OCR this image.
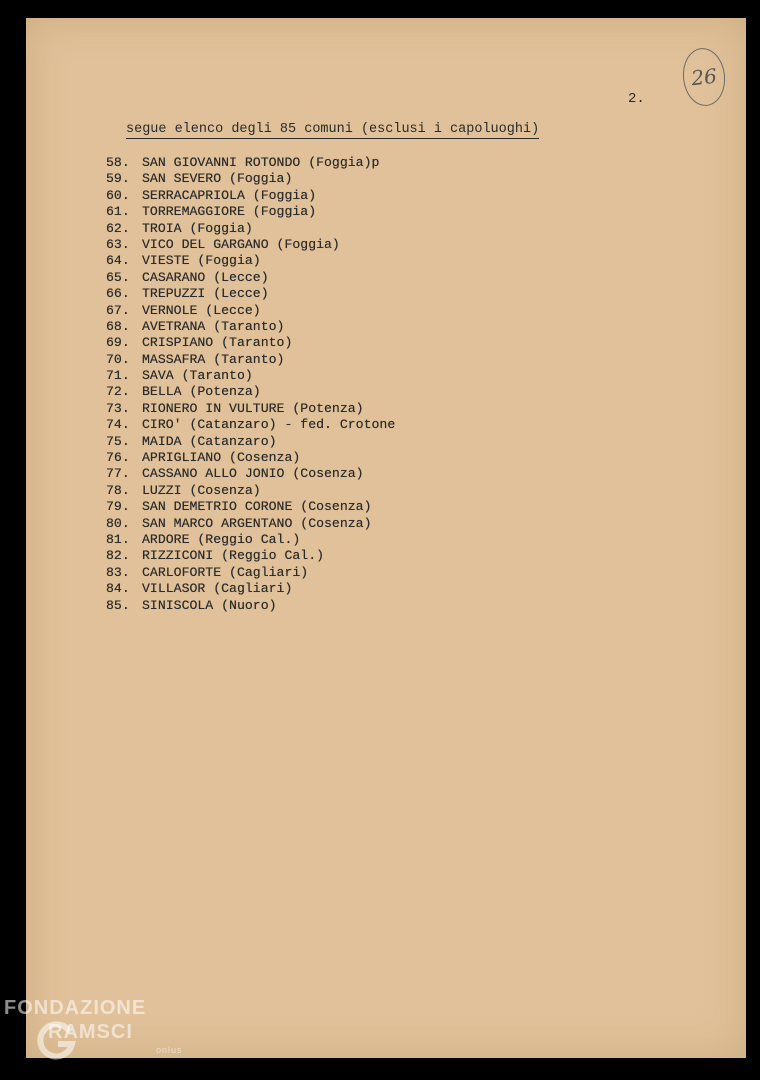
26
2.
segue elenco degli 85 comuni (esclusi i capoluoghi)
58. SAN GIOVANNI ROTONDO (Foggia)p
59. SAN SEVERO (Foggia)
60. SERRACAPRIOLA (Foggia)
61. TORREMAGGIORE (Foggia)
62. TROIA (Foggia)
63. VICO DEL GARGANO (Foggia)
64. VIESTE (Foggia)
65. CASARANO (Lecce)
66. TREPUZZI (Lecce)
67. VERNOLE (Lecce)
68. AVETRANA (Taranto)
69. CRISPIANO (Taranto)
70. MASSAFRA (Taranto)
71. SAVA (Taranto)
72. BELLA (Potenza)
73. RIONERO IN VULTURE (Potenza)
74. CIRO' (Catanzaro) - fed. Crotone
75. MAIDA (Catanzaro)
76. APRIGLIANO (Cosenza)
77. CASSANO ALLO JONIO (Cosenza)
78. LUZZI (Cosenza)
79. SAN DEMETRIO CORONE (Cosenza)
80. SAN MARCO ARGENTANO (Cosenza)
81. ARDORE (Reggio Cal.)
82. RIZZICONI (Reggio Cal.)
83. CARLOFORTE (Cagliari)
84. VILLASOR (Cagliari)
85. SINISCOLA (Nuoro)
FONDAZIONE
RAMSCI
onlus
